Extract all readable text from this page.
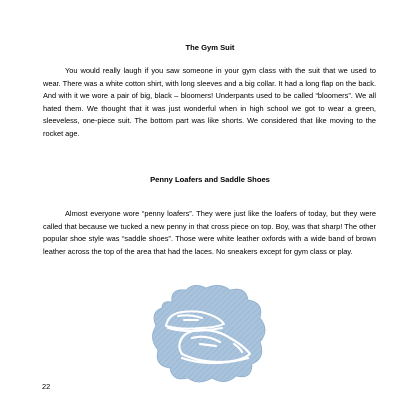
The Gym Suit

You would really laugh if you saw someone in your gym class with the suit that we used to wear. There was a white cotton shirt, with long sleeves and a big collar. It had a long flap on the back. And with it we wore a pair of big, black – bloomers! Underpants used to be called “bloomers”. We all hated them. We thought that it was just wonderful when in high school we got to wear a green, sleeveless, one-piece suit. The bottom part was like shorts. We considered that like moving to the rocket age.

Penny Loafers and Saddle Shoes

Almost everyone wore “penny loafers”. They were just like the loafers of today, but they were called that because we tucked a new penny in that cross piece on top. Boy, was that sharp! The other popular shoe style was “saddle shoes”. Those were white leather oxfords with a wide band of brown leather across the top of the area that had the laces. No sneakers except for gym class or play.

22
